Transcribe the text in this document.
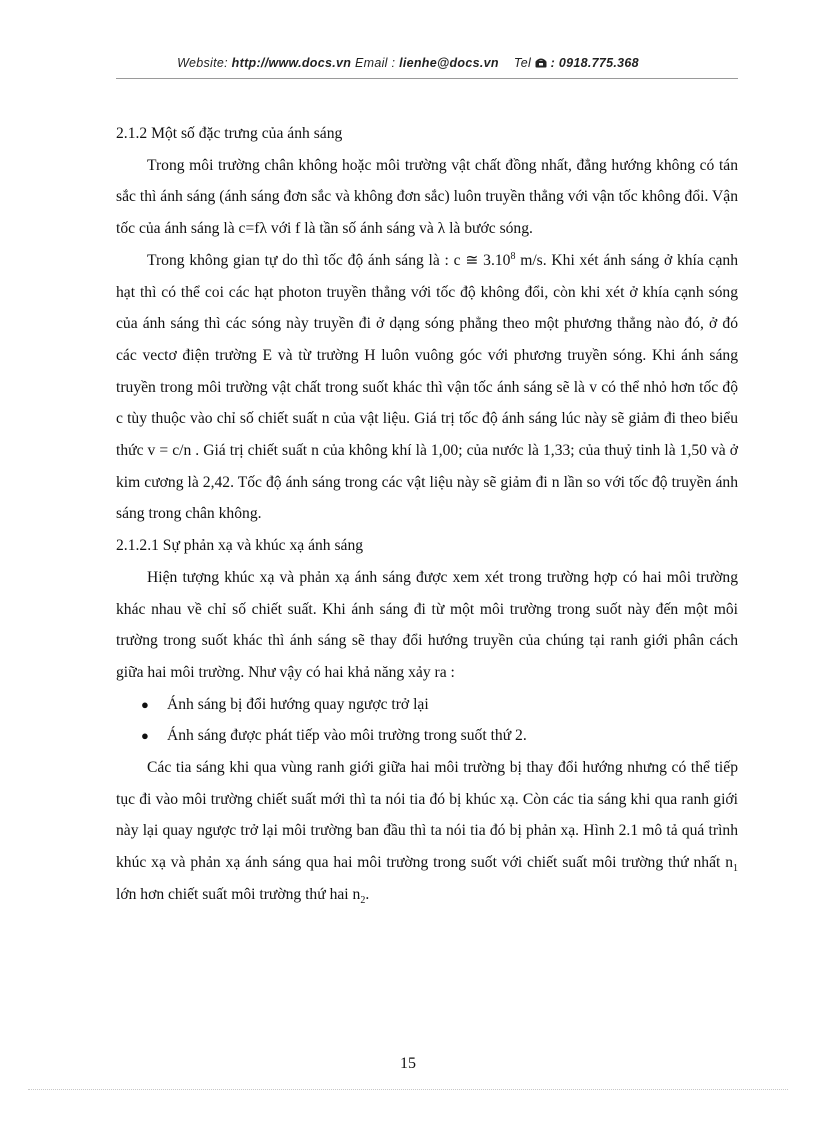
Website: http://www.docs.vn Email : lienhe@docs.vn Tel  : 0918.775.368

2.1.2 Một số đặc trưng của ánh sáng

Trong môi trường chân không hoặc môi trường vật chất đồng nhất, đẳng hướng không có tán sắc thì ánh sáng (ánh sáng đơn sắc và không đơn sắc) luôn truyền thẳng với vận tốc không đổi. Vận tốc của ánh sáng là c=fλ với f là tần số ánh sáng và λ là bước sóng.

Trong không gian tự do thì tốc độ ánh sáng là : c ≅ 3.10$^8$ m/s. Khi xét ánh sáng ở khía cạnh hạt thì có thể coi các hạt photon truyền thẳng với tốc độ không đổi, còn khi xét ở khía cạnh sóng của ánh sáng thì các sóng này truyền đi ở dạng sóng phẳng theo một phương thẳng nào đó, ở đó các vectơ điện trường E và từ trường H luôn vuông góc với phương truyền sóng. Khi ánh sáng truyền trong môi trường vật chất trong suốt khác thì vận tốc ánh sáng sẽ là v có thể nhỏ hơn tốc độ c tùy thuộc vào chỉ số chiết suất n của vật liệu. Giá trị tốc độ ánh sáng lúc này sẽ giảm đi theo biểu thức v = c/n . Giá trị chiết suất n của không khí là 1,00; của nước là 1,33; của thuỷ tinh là 1,50 và ở kim cương là 2,42. Tốc độ ánh sáng trong các vật liệu này sẽ giảm đi n lần so với tốc độ truyền ánh sáng trong chân không.

2.1.2.1 Sự phản xạ và khúc xạ ánh sáng

Hiện tượng khúc xạ và phản xạ ánh sáng được xem xét trong trường hợp có hai môi trường khác nhau về chỉ số chiết suất. Khi ánh sáng đi từ một môi trường trong suốt này đến một môi trường trong suốt khác thì ánh sáng sẽ thay đổi hướng truyền của chúng tại ranh giới phân cách giữa hai môi trường. Như vậy có hai khả năng xảy ra :

● Ánh sáng bị đổi hướng quay ngược trở lại
● Ánh sáng được phát tiếp vào môi trường trong suốt thứ 2.

Các tia sáng khi qua vùng ranh giới giữa hai môi trường bị thay đổi hướng nhưng có thể tiếp tục đi vào môi trường chiết suất mới thì ta nói tia đó bị khúc xạ. Còn các tia sáng khi qua ranh giới này lại quay ngược trở lại môi trường ban đầu thì ta nói tia đó bị phản xạ. Hình 2.1 mô tả quá trình khúc xạ và phản xạ ánh sáng qua hai môi trường trong suốt với chiết suất môi trường thứ nhất $n_1$ lớn hơn chiết suất môi trường thứ hai $n_2$.

15
